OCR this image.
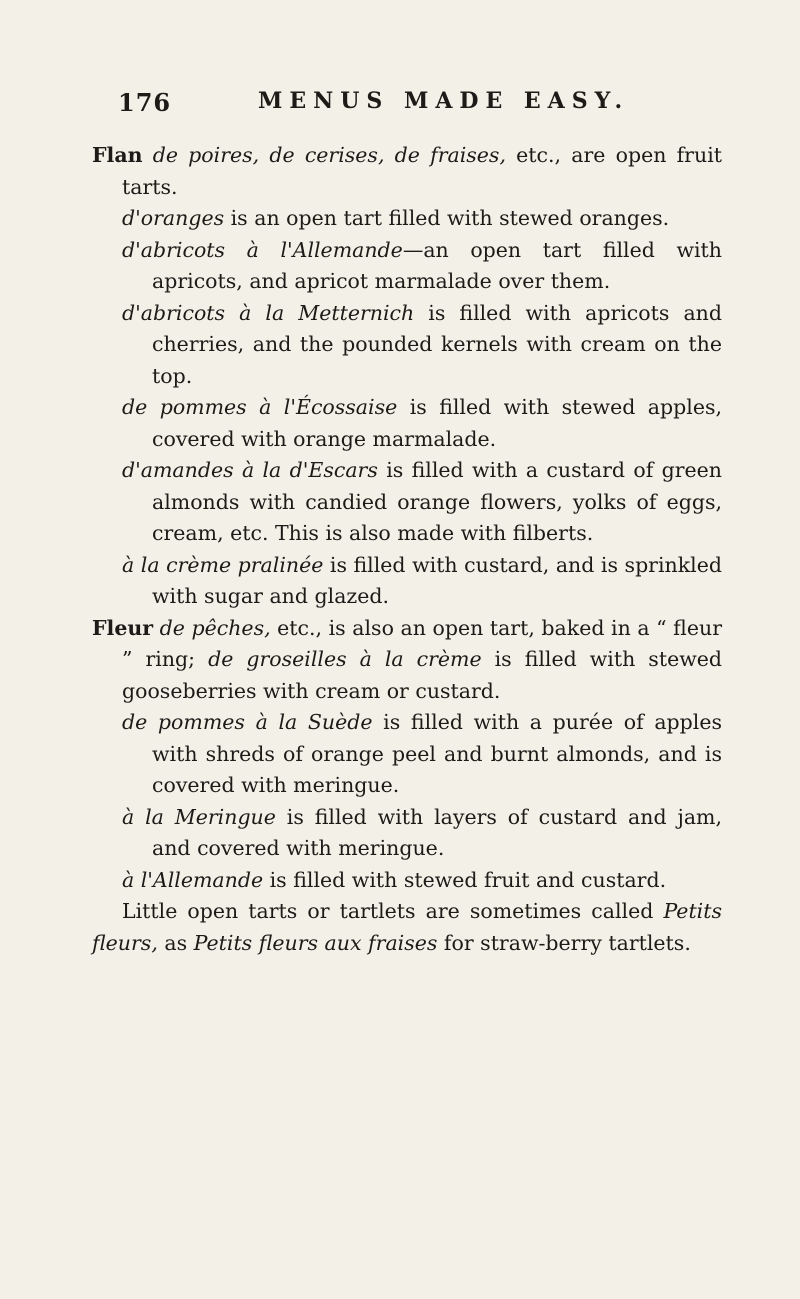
176	MENUS MADE EASY.

Flan de poires, de cerises, de fraises, etc., are open fruit tarts.

d'oranges is an open tart filled with stewed oranges.

d'abricots à l'Allemande—an open tart filled with apricots, and apricot marmalade over them.

d'abricots à la Metternich is filled with apricots and cherries, and the pounded kernels with cream on the top.

de pommes à l'Écossaise is filled with stewed apples, covered with orange marmalade.

d'amandes à la d'Escars is filled with a custard of green almonds with candied orange flowers, yolks of eggs, cream, etc. This is also made with filberts.

à la crème pralinée is filled with custard, and is sprinkled with sugar and glazed.

Fleur de pêches, etc., is also an open tart, baked in a “ fleur ” ring; de groseilles à la crème is filled with stewed gooseberries with cream or custard.

de pommes à la Suède is filled with a purée of apples with shreds of orange peel and burnt almonds, and is covered with meringue.

à la Meringue is filled with layers of custard and jam, and covered with meringue.

à l'Allemande is filled with stewed fruit and custard.

Little open tarts or tartlets are sometimes called Petits fleurs, as Petits fleurs aux fraises for straw-berry tartlets.
